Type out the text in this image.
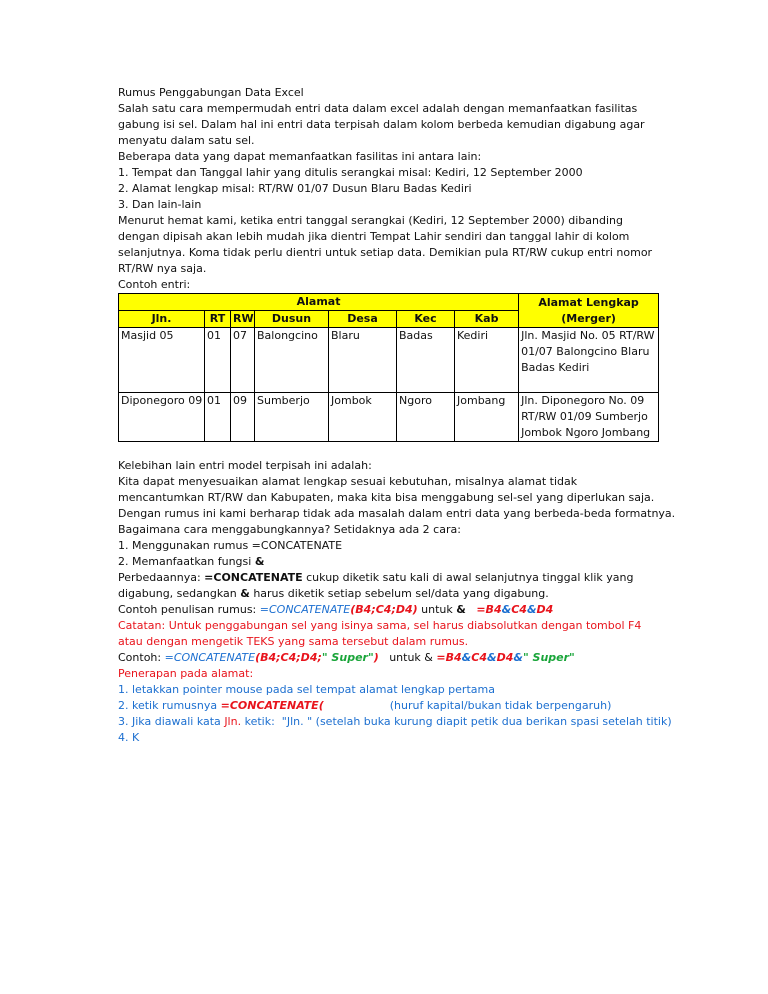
Rumus Penggabungan Data Excel
Salah satu cara mempermudah entri data dalam excel adalah dengan memanfaatkan fasilitas gabung isi sel. Dalam hal ini entri data terpisah dalam kolom berbeda kemudian digabung agar menyatu dalam satu sel.
Beberapa data yang dapat memanfaatkan fasilitas ini antara lain:
1. Tempat dan Tanggal lahir yang ditulis serangkai misal: Kediri, 12 September 2000
2. Alamat lengkap misal: RT/RW 01/07 Dusun Blaru Badas Kediri
3. Dan lain-lain
Menurut hemat kami, ketika entri tanggal serangkai (Kediri, 12 September 2000) dibanding dengan dipisah akan lebih mudah jika dientri Tempat Lahir sendiri dan tanggal lahir di kolom selanjutnya. Koma tidak perlu dientri untuk setiap data. Demikian pula RT/RW cukup entri nomor RT/RW nya saja.
Contoh entri:
Alamat							Alamat Lengkap
(Merger)

Jln.	RT	RW	Dusun	Desa	Kec	Kab	
Masjid 05	01	07	Balongcino	Blaru	Badas	Kediri	Jln. Masjid No. 05 RT/RW 01/07 Balongcino Blaru Badas Kediri
Diponegoro 09	01	09	Sumberjo	Jombok	Ngoro	Jombang	Jln. Diponegoro No. 09 RT/RW 01/09 Sumberjo Jombok Ngoro Jombang
Kelebihan lain entri model terpisah ini adalah:
Kita dapat menyesuaikan alamat lengkap sesuai kebutuhan, misalnya alamat tidak mencantumkan RT/RW dan Kabupaten, maka kita bisa menggabung sel-sel yang diperlukan saja.
Dengan rumus ini kami berharap tidak ada masalah dalam entri data yang berbeda-beda formatnya.
Bagaimana cara menggabungkannya? Setidaknya ada 2 cara:
1. Menggunakan rumus =CONCATENATE
2. Memanfaatkan fungsi &
Perbedaannya: =CONCATENATE cukup diketik satu kali di awal selanjutnya tinggal klik yang digabung, sedangkan & harus diketik setiap sebelum sel/data yang digabung.
Contoh penulisan rumus: =CONCATENATE(B4;C4;D4) untuk & =B4&C4&D4
Catatan: Untuk penggabungan sel yang isinya sama, sel harus diabsolutkan dengan tombol F4 atau dengan mengetik TEKS yang sama tersebut dalam rumus.
Contoh: =CONCATENATE(B4;C4;D4;" Super")   untuk & =B4&C4&D4&" Super"
Penerapan pada alamat:
1. letakkan pointer mouse pada sel tempat alamat lengkap pertama
2. ketik rumusnya =CONCATENATE(	(huruf kapital/bukan tidak berpengaruh)
3. Jika diawali kata Jln. ketik:  "Jln. " (setelah buka kurung diapit petik dua berikan spasi setelah titik)
4. K
